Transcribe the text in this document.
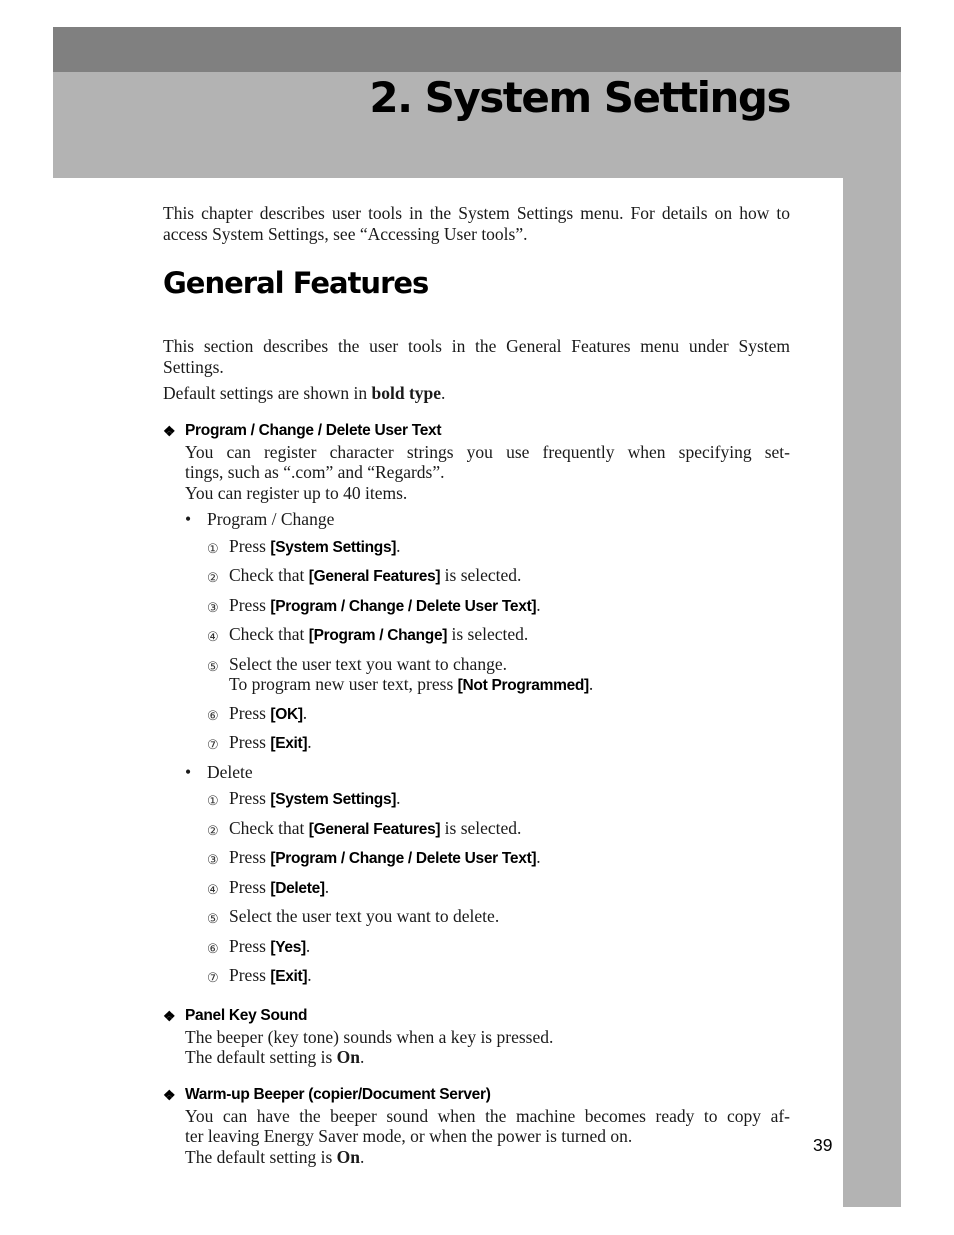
2. System Settings

This chapter describes user tools in the System Settings menu. For details on how to access System Settings, see “Accessing User tools”.

General Features

This section describes the user tools in the General Features menu under System Settings.

Default settings are shown in bold type.

❖ Program / Change / Delete User Text
You can register character strings you use frequently when specifying set-
tings, such as “.com” and “Regards”.
You can register up to 40 items.
• Program / Change
① Press [System Settings].
② Check that [General Features] is selected.
③ Press [Program / Change / Delete User Text].
④ Check that [Program / Change] is selected.
⑤ Select the user text you want to change.
To program new user text, press [Not Programmed].
⑥ Press [OK].
⑦ Press [Exit].
• Delete
① Press [System Settings].
② Check that [General Features] is selected.
③ Press [Program / Change / Delete User Text].
④ Press [Delete].
⑤ Select the user text you want to delete.
⑥ Press [Yes].
⑦ Press [Exit].
❖ Panel Key Sound
The beeper (key tone) sounds when a key is pressed.
The default setting is On.
❖ Warm-up Beeper (copier/Document Server)
You can have the beeper sound when the machine becomes ready to copy af-
ter leaving Energy Saver mode, or when the power is turned on.
The default setting is On.
39
